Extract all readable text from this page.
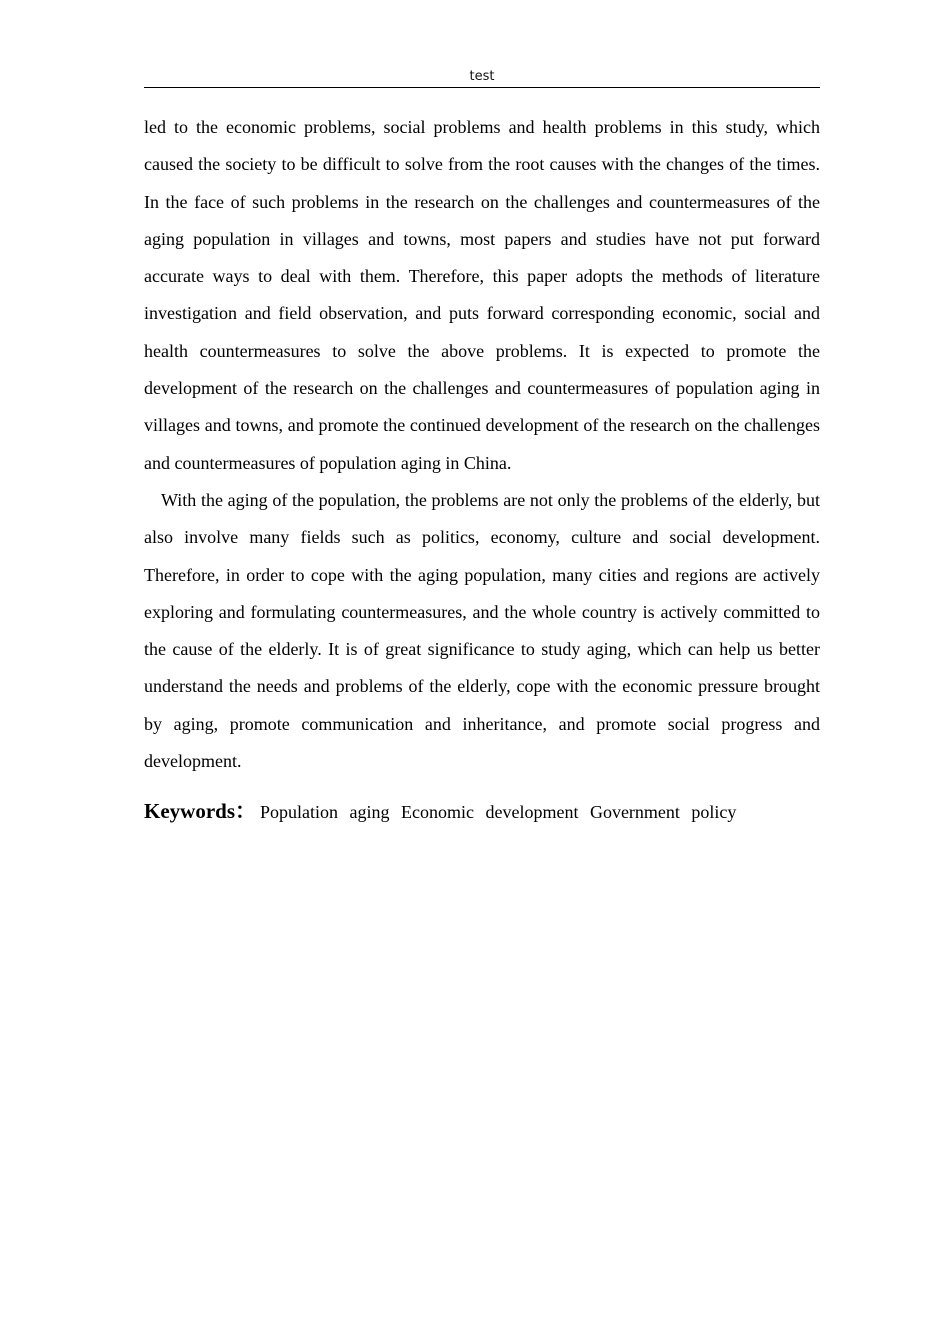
test

led to the economic problems, social problems and health problems in this study, which caused the society to be difficult to solve from the root causes with the changes of the times. In the face of such problems in the research on the challenges and countermeasures of the aging population in villages and towns, most papers and studies have not put forward accurate ways to deal with them. Therefore, this paper adopts the methods of literature investigation and field observation, and puts forward corresponding economic, social and health countermeasures to solve the above problems. It is expected to promote the development of the research on the challenges and countermeasures of population aging in villages and towns, and promote the continued development of the research on the challenges and countermeasures of population aging in China.

With the aging of the population, the problems are not only the problems of the elderly, but also involve many fields such as politics, economy, culture and social development. Therefore, in order to cope with the aging population, many cities and regions are actively exploring and formulating countermeasures, and the whole country is actively committed to the cause of the elderly. It is of great significance to study aging, which can help us better understand the needs and problems of the elderly, cope with the economic pressure brought by aging, promote communication and inheritance, and promote social progress and development.

Keywords： Population aging Economic development Government policy
